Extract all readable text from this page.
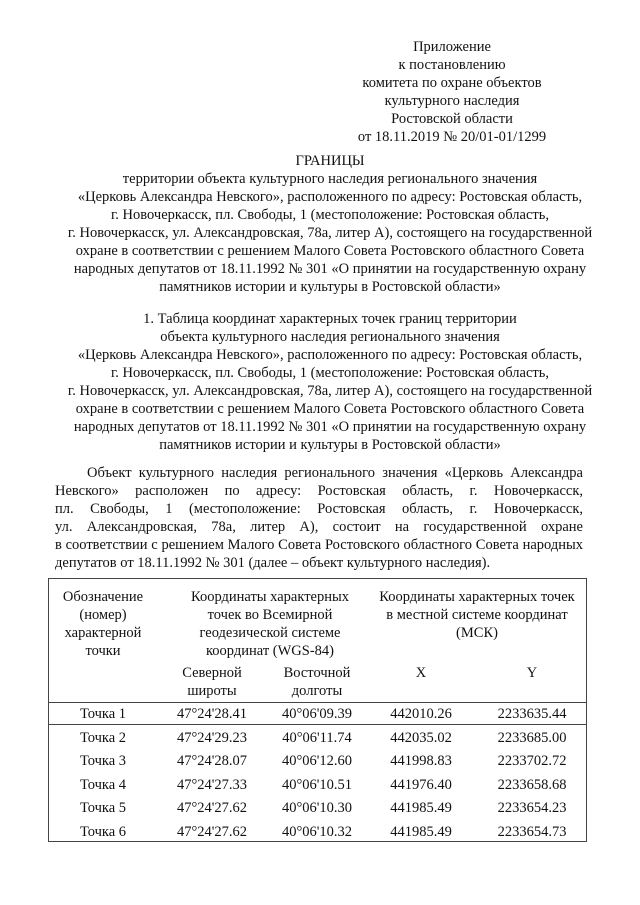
Приложение
к постановлению
комитета по охране объектов
культурного наследия
Ростовской области
от 18.11.2019 № 20/01-01/1299
ГРАНИЦЫ
территории объекта культурного наследия регионального значения
«Церковь Александра Невского», расположенного по адресу: Ростовская область,
г. Новочеркасск, пл. Свободы, 1 (местоположение: Ростовская область,
г. Новочеркасск, ул. Александровская, 78а, литер А), состоящего на государственной
охране в соответствии с решением Малого Совета Ростовского областного Совета
народных депутатов от 18.11.1992 № 301 «О принятии на государственную охрану
памятников истории и культуры в Ростовской области»
1. Таблица координат характерных точек границ территории
объекта культурного наследия регионального значения
«Церковь Александра Невского», расположенного по адресу: Ростовская область,
г. Новочеркасск, пл. Свободы, 1 (местоположение: Ростовская область,
г. Новочеркасск, ул. Александровская, 78а, литер А), состоящего на государственной
охране в соответствии с решением Малого Совета Ростовского областного Совета
народных депутатов от 18.11.1992 № 301 «О принятии на государственную охрану
памятников истории и культуры в Ростовской области»
Объект культурного наследия регионального значения «Церковь Александра
Невского» расположен по адресу: Ростовская область, г. Новочеркасск,
пл. Свободы, 1 (местоположение: Ростовская область, г. Новочеркасск,
ул. Александровская, 78а, литер А), состоит на государственной охране
в соответствии с решением Малого Совета Ростовского областного Совета народных
депутатов от 18.11.1992 № 301 (далее – объект культурного наследия).
Обозначение
(номер)
характерной
точки
Координаты характерных
точек во Всемирной
геодезической системе
координат (WGS-84)
Координаты характерных точек
в местной системе координат
(МСК)
Северной
широты
Восточной
долготы
X	Y
Точка 1	47°24'28.41	40°06'09.39	442010.26	2233635.44
Точка 2	47°24'29.23	40°06'11.74	442035.02	2233685.00
Точка 3	47°24'28.07	40°06'12.60	441998.83	2233702.72
Точка 4	47°24'27.33	40°06'10.51	441976.40	2233658.68
Точка 5	47°24'27.62	40°06'10.30	441985.49	2233654.23
Точка 6	47°24'27.62	40°06'10.32	441985.49	2233654.73
